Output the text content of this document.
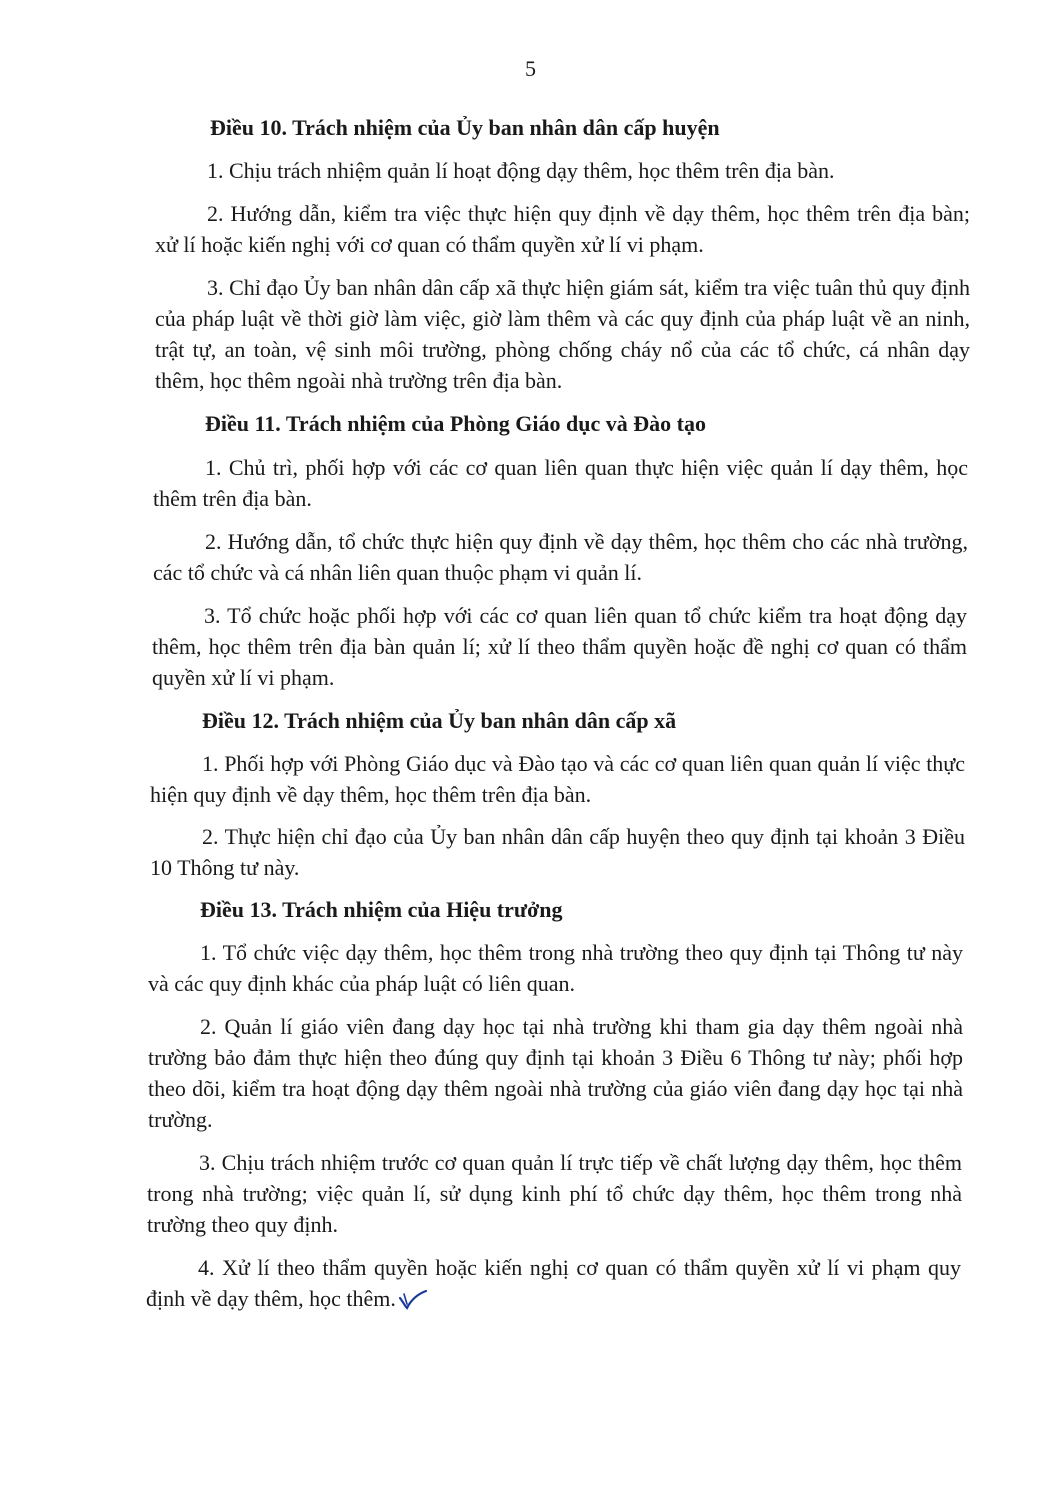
5
Điều 10. Trách nhiệm của Ủy ban nhân dân cấp huyện
1. Chịu trách nhiệm quản lí hoạt động dạy thêm, học thêm trên địa bàn.
2. Hướng dẫn, kiểm tra việc thực hiện quy định về dạy thêm, học thêm trên địa bàn; xử lí hoặc kiến nghị với cơ quan có thẩm quyền xử lí vi phạm.
3. Chỉ đạo Ủy ban nhân dân cấp xã thực hiện giám sát, kiểm tra việc tuân thủ quy định của pháp luật về thời giờ làm việc, giờ làm thêm và các quy định của pháp luật về an ninh, trật tự, an toàn, vệ sinh môi trường, phòng chống cháy nổ của các tổ chức, cá nhân dạy thêm, học thêm ngoài nhà trường trên địa bàn.
Điều 11. Trách nhiệm của Phòng Giáo dục và Đào tạo
1. Chủ trì, phối hợp với các cơ quan liên quan thực hiện việc quản lí dạy thêm, học thêm trên địa bàn.
2. Hướng dẫn, tổ chức thực hiện quy định về dạy thêm, học thêm cho các nhà trường, các tổ chức và cá nhân liên quan thuộc phạm vi quản lí.
3. Tổ chức hoặc phối hợp với các cơ quan liên quan tổ chức kiểm tra hoạt động dạy thêm, học thêm trên địa bàn quản lí; xử lí theo thẩm quyền hoặc đề nghị cơ quan có thẩm quyền xử lí vi phạm.
Điều 12. Trách nhiệm của Ủy ban nhân dân cấp xã
1. Phối hợp với Phòng Giáo dục và Đào tạo và các cơ quan liên quan quản lí việc thực hiện quy định về dạy thêm, học thêm trên địa bàn.
2. Thực hiện chỉ đạo của Ủy ban nhân dân cấp huyện theo quy định tại khoản 3 Điều 10 Thông tư này.
Điều 13. Trách nhiệm của Hiệu trưởng
1. Tổ chức việc dạy thêm, học thêm trong nhà trường theo quy định tại Thông tư này và các quy định khác của pháp luật có liên quan.
2. Quản lí giáo viên đang dạy học tại nhà trường khi tham gia dạy thêm ngoài nhà trường bảo đảm thực hiện theo đúng quy định tại khoản 3 Điều 6 Thông tư này; phối hợp theo dõi, kiểm tra hoạt động dạy thêm ngoài nhà trường của giáo viên đang dạy học tại nhà trường.
3. Chịu trách nhiệm trước cơ quan quản lí trực tiếp về chất lượng dạy thêm, học thêm trong nhà trường; việc quản lí, sử dụng kinh phí tổ chức dạy thêm, học thêm trong nhà trường theo quy định.
4. Xử lí theo thẩm quyền hoặc kiến nghị cơ quan có thẩm quyền xử lí vi phạm quy định về dạy thêm, học thêm.
